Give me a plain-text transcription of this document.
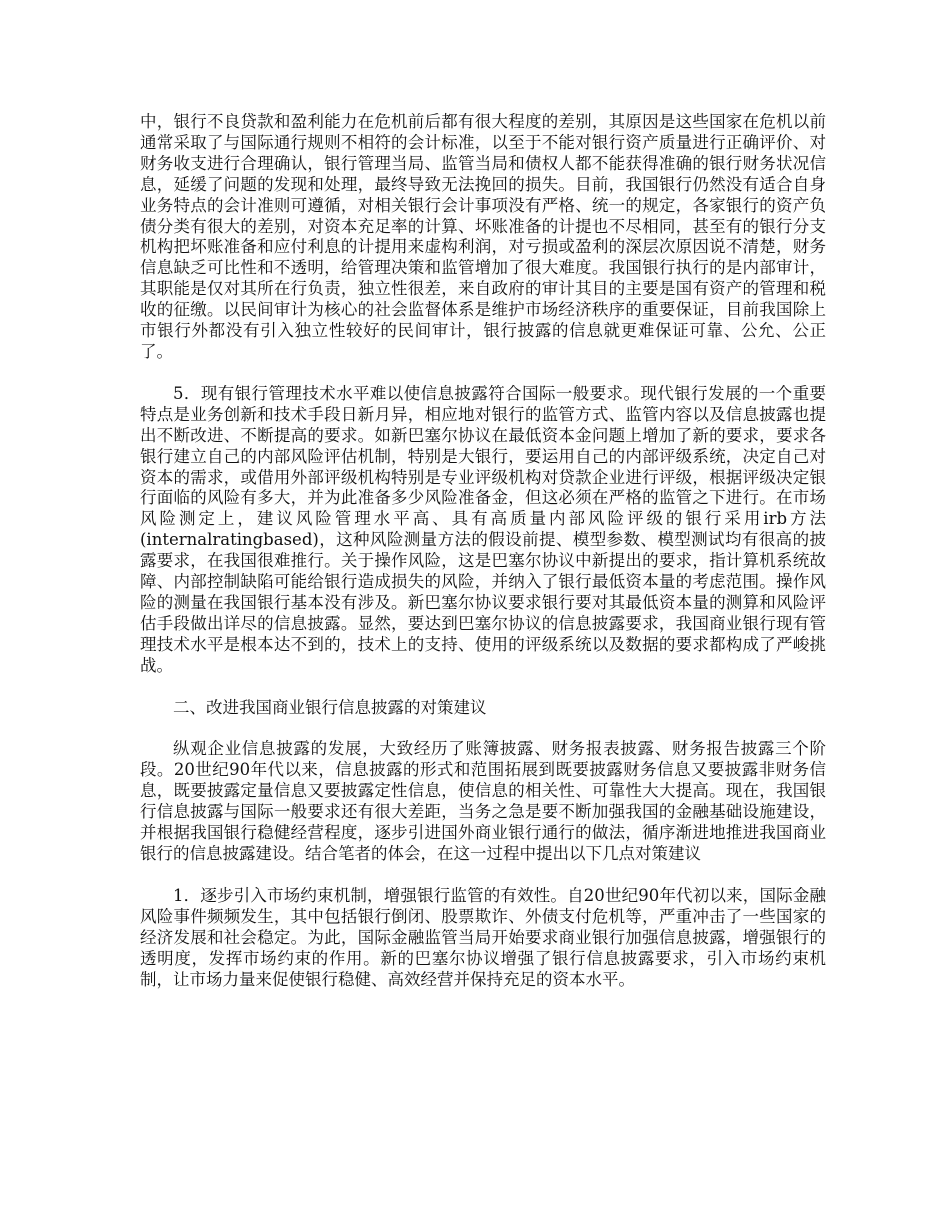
中，银行不良贷款和盈利能力在危机前后都有很大程度的差别，其原因是这些国家在危机以前通常采取了与国际通行规则不相符的会计标准，以至于不能对银行资产质量进行正确评价、对财务收支进行合理确认，银行管理当局、监管当局和债权人都不能获得准确的银行财务状况信息，延缓了问题的发现和处理，最终导致无法挽回的损失。目前，我国银行仍然没有适合自身业务特点的会计准则可遵循，对相关银行会计事项没有严格、统一的规定，各家银行的资产负债分类有很大的差别，对资本充足率的计算、坏账准备的计提也不尽相同，甚至有的银行分支机构把坏账准备和应付利息的计提用来虚构利润，对亏损或盈利的深层次原因说不清楚，财务信息缺乏可比性和不透明，给管理决策和监管增加了很大难度。我国银行执行的是内部审计，其职能是仅对其所在行负责，独立性很差，来自政府的审计其目的主要是国有资产的管理和税收的征缴。以民间审计为核心的社会监督体系是维护市场经济秩序的重要保证，目前我国除上市银行外都没有引入独立性较好的民间审计，银行披露的信息就更难保证可靠、公允、公正了。

5．现有银行管理技术水平难以使信息披露符合国际一般要求。现代银行发展的一个重要特点是业务创新和技术手段日新月异，相应地对银行的监管方式、监管内容以及信息披露也提出不断改进、不断提高的要求。如新巴塞尔协议在最低资本金问题上增加了新的要求，要求各银行建立自己的内部风险评估机制，特别是大银行，要运用自己的内部评级系统，决定自己对资本的需求，或借用外部评级机构特别是专业评级机构对贷款企业进行评级，根据评级决定银行面临的风险有多大，并为此准备多少风险准备金，但这必须在严格的监管之下进行。在市场风险测定上，建议风险管理水平高、具有高质量内部风险评级的银行采用irb方法(internalratingbased)，这种风险测量方法的假设前提、模型参数、模型测试均有很高的披露要求，在我国很难推行。关于操作风险，这是巴塞尔协议中新提出的要求，指计算机系统故障、内部控制缺陷可能给银行造成损失的风险，并纳入了银行最低资本量的考虑范围。操作风险的测量在我国银行基本没有涉及。新巴塞尔协议要求银行要对其最低资本量的测算和风险评估手段做出详尽的信息披露。显然，要达到巴塞尔协议的信息披露要求，我国商业银行现有管理技术水平是根本达不到的，技术上的支持、使用的评级系统以及数据的要求都构成了严峻挑战。

二、改进我国商业银行信息披露的对策建议

纵观企业信息披露的发展，大致经历了账簿披露、财务报表披露、财务报告披露三个阶段。20世纪90年代以来，信息披露的形式和范围拓展到既要披露财务信息又要披露非财务信息，既要披露定量信息又要披露定性信息，使信息的相关性、可靠性大大提高。现在，我国银行信息披露与国际一般要求还有很大差距，当务之急是要不断加强我国的金融基础设施建设，并根据我国银行稳健经营程度，逐步引进国外商业银行通行的做法，循序渐进地推进我国商业银行的信息披露建设。结合笔者的体会，在这一过程中提出以下几点对策建议

1．逐步引入市场约束机制，增强银行监管的有效性。自20世纪90年代初以来，国际金融风险事件频频发生，其中包括银行倒闭、股票欺诈、外债支付危机等，严重冲击了一些国家的经济发展和社会稳定。为此，国际金融监管当局开始要求商业银行加强信息披露，增强银行的透明度，发挥市场约束的作用。新的巴塞尔协议增强了银行信息披露要求，引入市场约束机制，让市场力量来促使银行稳健、高效经营并保持充足的资本水平。
